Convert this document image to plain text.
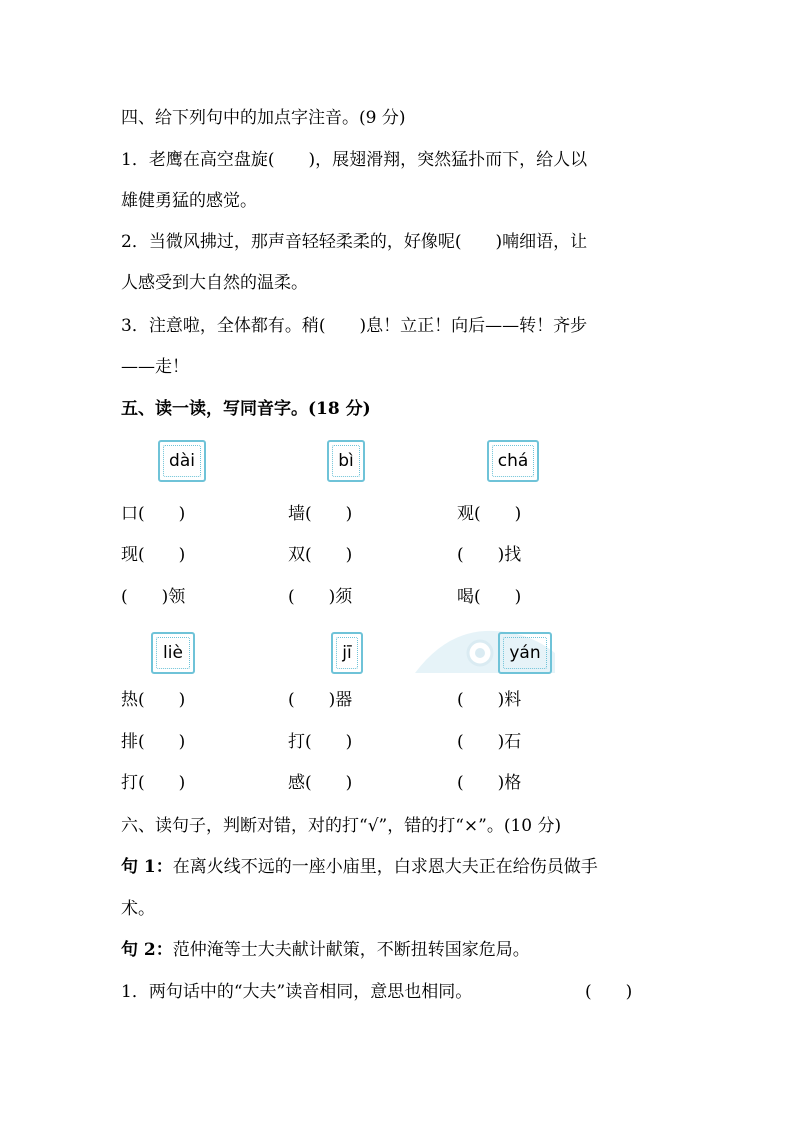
四、给下列句中的加点字注音。(9 分)
1．老鹰在高空盘旋(　　)，展翅滑翔，突然猛扑而下，给人以
雄健勇猛的感觉。
2．当微风拂过，那声音轻轻柔柔的，好像呢(　　)喃细语，让
人感受到大自然的温柔。
3．注意啦，全体都有。稍(　　)息！立正！向后——转！齐步
——走！
五、读一读，写同音字。(18 分)
dài	bì	chá
口(　　)	墙(　　)	观(　　)
现(　　)	双(　　)	(　　)找
(　　)领	(　　)须	喝(　　)
liè	jī	yán
热(　　)	(　　)器	(　　)料
排(　　)	打(　　)	(　　)石
打(　　)	感(　　)	(　　)格
六、读句子，判断对错，对的打“√”，错的打“×”。(10 分)
句 1：在离火线不远的一座小庙里，白求恩大夫正在给伤员做手
术。
句 2：范仲淹等士大夫献计献策，不断扭转国家危局。
1．两句话中的“大夫”读音相同，意思也相同。	(　　)
